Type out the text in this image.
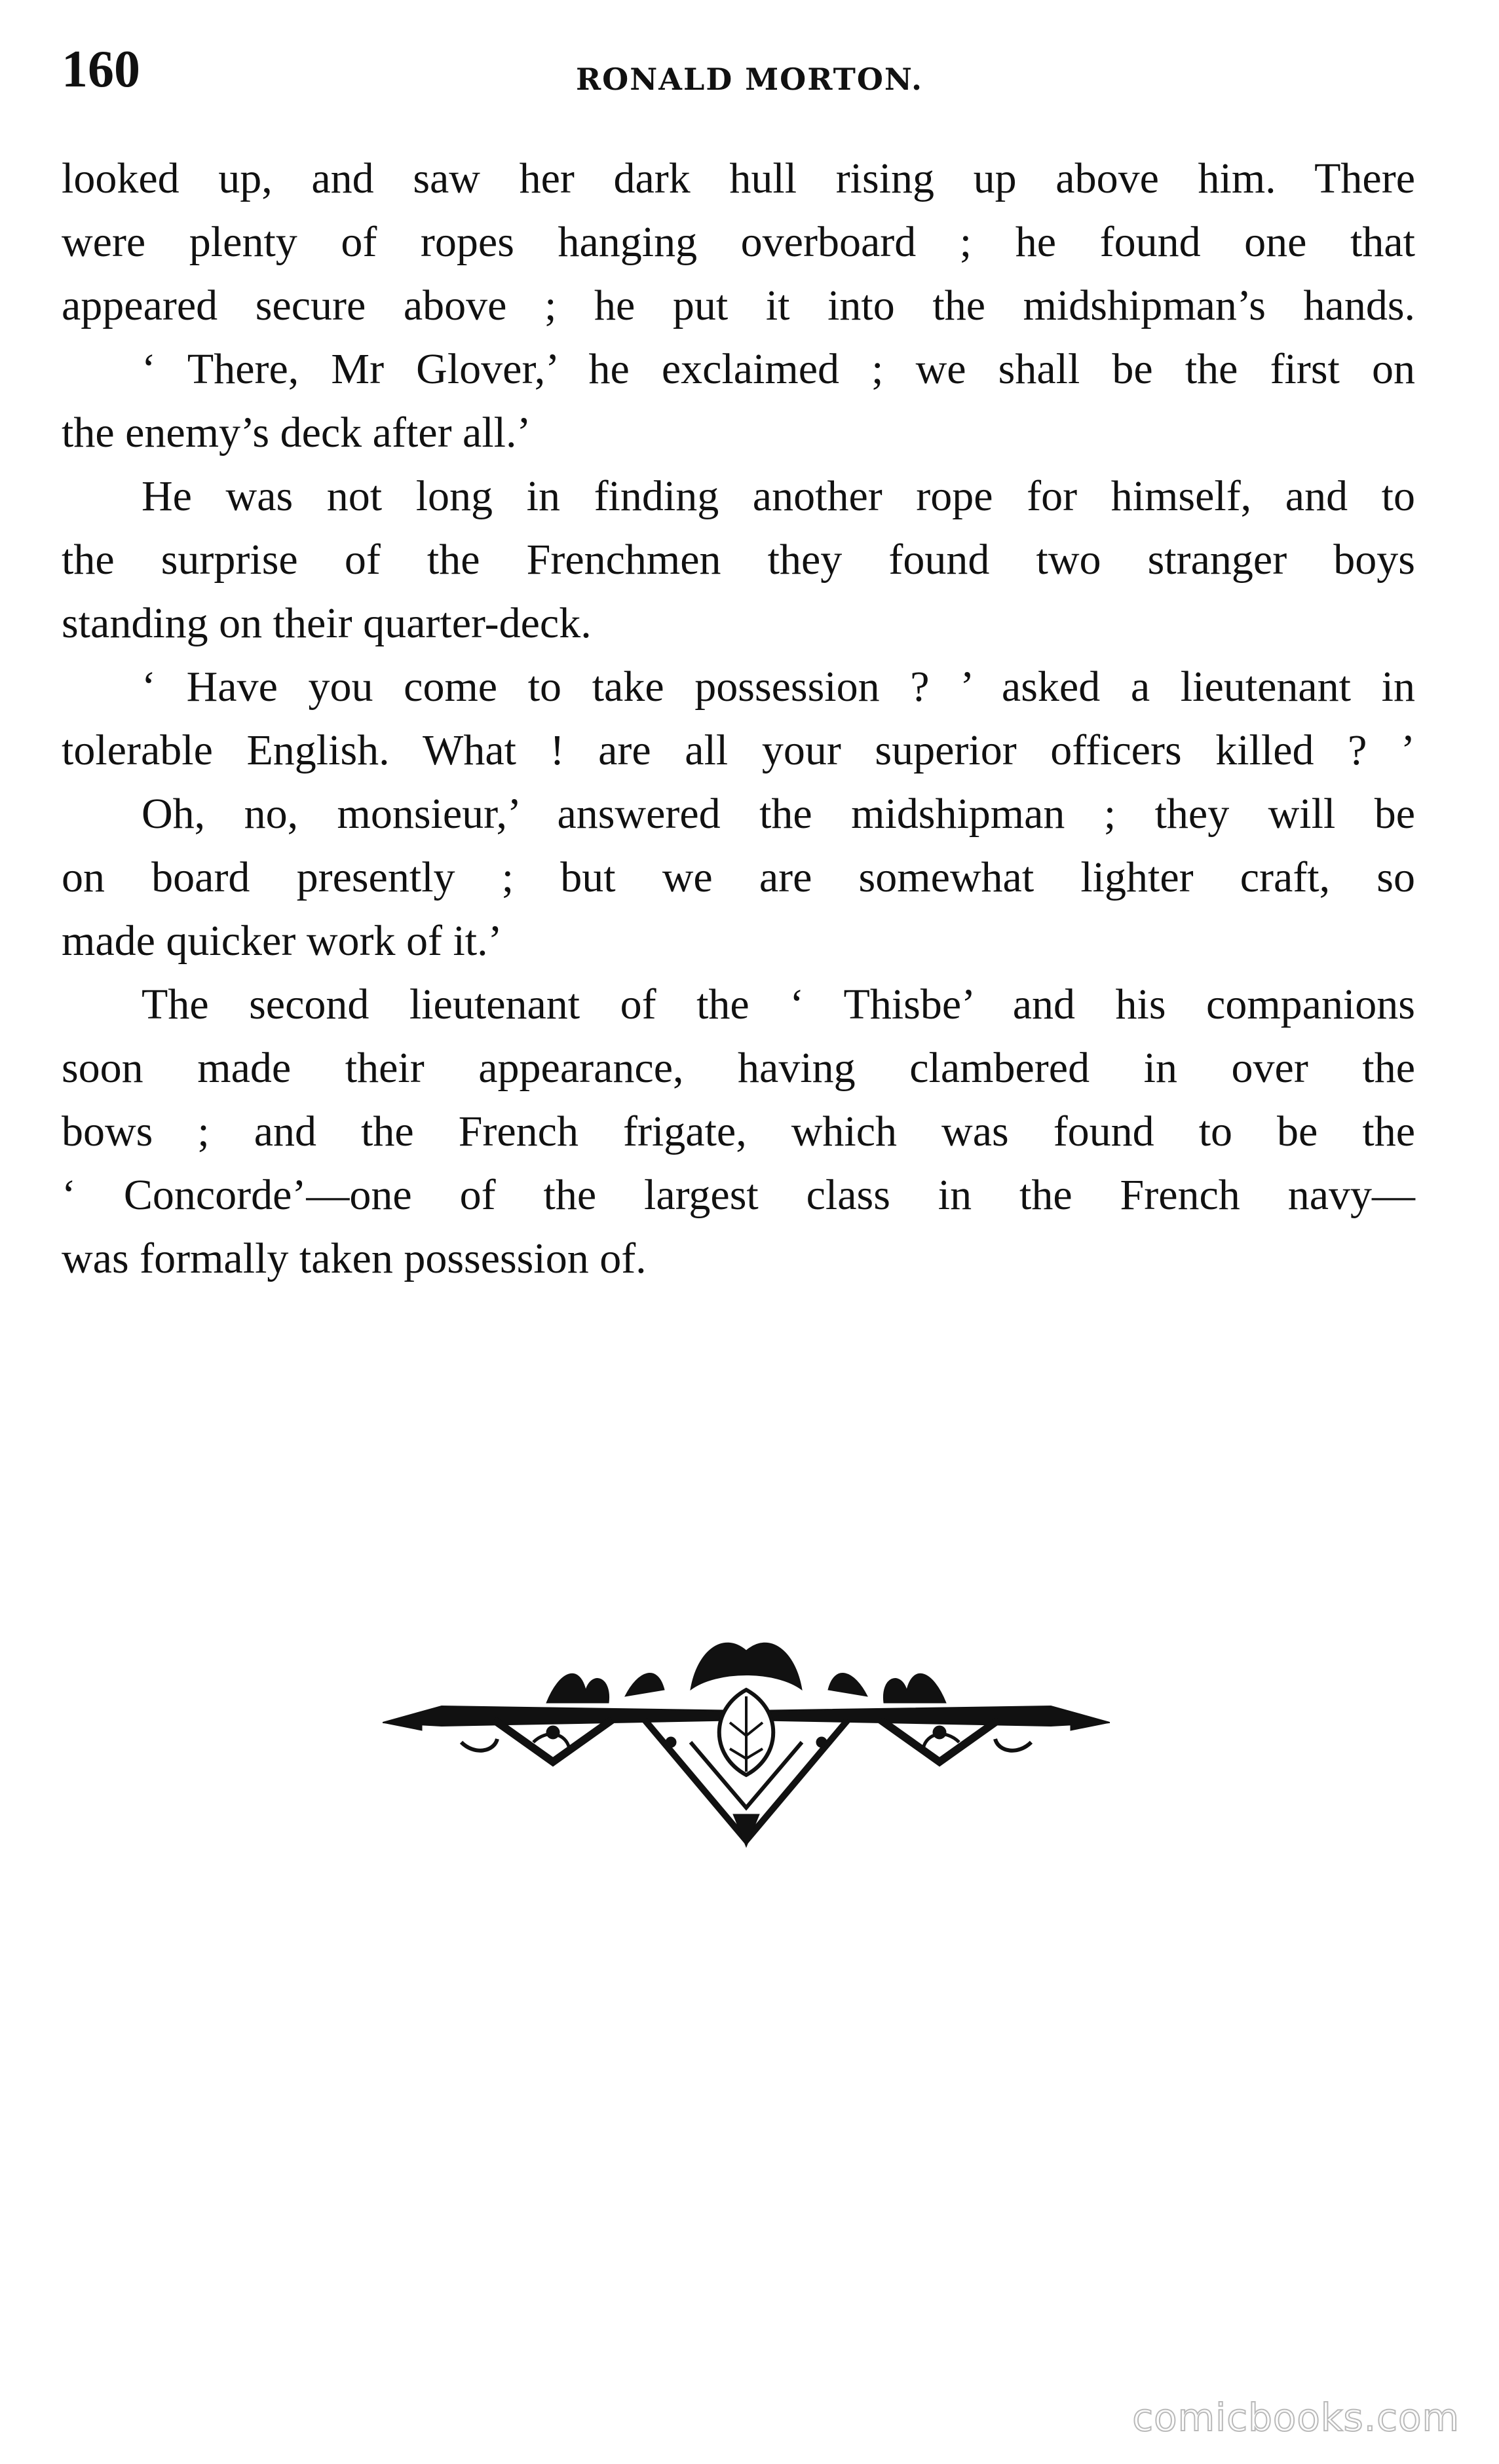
160	RONALD MORTON.
looked up, and saw her dark hull rising up above him. There
were plenty of ropes hanging overboard ; he found one that
appeared secure above ; he put it into the midshipman’s hands.
‘ There, Mr Glover,’ he exclaimed ; we shall be the first on
the enemy’s deck after all.’
He was not long in finding another rope for himself, and to
the surprise of the Frenchmen they found two stranger boys
standing on their quarter-deck.
‘ Have you come to take possession ? ’ asked a lieutenant in
tolerable English. What ! are all your superior officers killed ? ’
Oh, no, monsieur,’ answered the midshipman ; they will be
on board presently ; but we are somewhat lighter craft, so
made quicker work of it.’
The second lieutenant of the ‘ Thisbe’ and his companions
soon made their appearance, having clambered in over the
bows ; and the French frigate, which was found to be the
‘ Concorde’—one of the largest class in the French navy—
was formally taken possession of.
comicbooks.com
